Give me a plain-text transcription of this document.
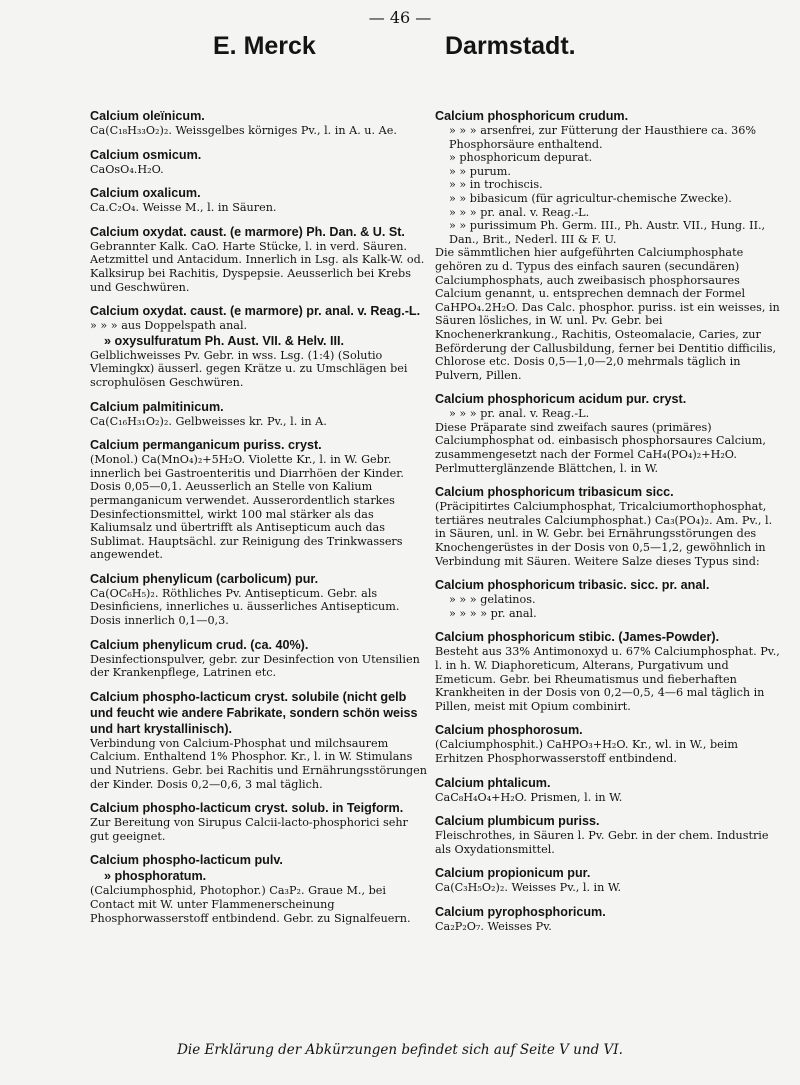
— 46 —
E. Merck	Darmstadt.
Calcium oleïnicum.
Ca(C₁₈H₃₃O₂)₂. Weissgelbes körniges Pv., l. in A. u. Ae.
Calcium osmicum.
CaOsO₄.H₂O.
Calcium oxalicum.
Ca.C₂O₄. Weisse M., l. in Säuren.
Calcium oxydat. caust. (e marmore) Ph. Dan. & U. St.
Gebrannter Kalk. CaO. Harte Stücke, l. in verd. Säuren. Aetzmittel und Antacidum. Innerlich in Lsg. als Kalk-W. od. Kalksirup bei Rachitis, Dyspepsie. Aeusserlich bei Krebs und Geschwüren.
Calcium oxydat. caust. (e marmore) pr. anal. v. Reag.-L.
» » » aus Doppelspath anal.
» oxysulfuratum Ph. Aust. VII. & Helv. III.
Gelblichweisses Pv. Gebr. in wss. Lsg. (1:4) (Solutio Vlemingkx) äusserl. gegen Krätze u. zu Umschlägen bei scrophulösen Geschwüren.
Calcium palmitinicum.
Ca(C₁₆H₃₁O₂)₂. Gelbweisses kr. Pv., l. in A.
Calcium permanganicum puriss. cryst.
(Monol.) Ca(MnO₄)₂+5H₂O. Violette Kr., l. in W. Gebr. innerlich bei Gastroenteritis und Diarrhöen der Kinder. Dosis 0,05—0,1. Aeusserlich an Stelle von Kalium permanganicum verwendet. Ausserordentlich starkes Desinfectionsmittel, wirkt 100 mal stärker als das Kaliumsalz und übertrifft als Antisepticum auch das Sublimat. Hauptsächl. zur Reinigung des Trinkwassers angewendet.
Calcium phenylicum (carbolicum) pur.
Ca(OC₆H₅)₂. Röthliches Pv. Antisepticum. Gebr. als Desinficiens, innerliches u. äusserliches Antisepticum. Dosis innerlich 0,1—0,3.
Calcium phenylicum crud. (ca. 40%).
Desinfectionspulver, gebr. zur Desinfection von Utensilien der Krankenpflege, Latrinen etc.
Calcium phospho-lacticum cryst. solubile (nicht gelb und feucht wie andere Fabrikate, sondern schön weiss und hart krystallinisch).
Verbindung von Calcium-Phosphat und milchsaurem Calcium. Enthaltend 1% Phosphor. Kr., l. in W. Stimulans und Nutriens. Gebr. bei Rachitis und Ernährungsstörungen der Kinder. Dosis 0,2—0,6, 3 mal täglich.
Calcium phospho-lacticum cryst. solub. in Teigform.
Zur Bereitung von Sirupus Calcii-lacto-phosphorici sehr gut geeignet.
Calcium phospho-lacticum pulv.
» phosphoratum.
(Calciumphosphid, Photophor.) Ca₃P₂. Graue M., bei Contact mit W. unter Flammenerscheinung Phosphorwasserstoff entbindend. Gebr. zu Signalfeuern.
Calcium phosphoricum crudum.
» » » arsenfrei, zur Fütterung der Hausthiere ca. 36% Phosphorsäure enthaltend.
» phosphoricum depurat.
» » purum.
» » in trochiscis.
» » bibasicum (für agricultur-chemische Zwecke).
» » » pr. anal. v. Reag.-L.
» » purissimum Ph. Germ. III., Ph. Austr. VII., Hung. II., Dan., Brit., Nederl. III & F. U.
Die sämmtlichen hier aufgeführten Calciumphosphate gehören zu d. Typus des einfach sauren (secundären) Calciumphosphats, auch zweibasisch phosphorsaures Calcium genannt, u. entsprechen demnach der Formel CaHPO₄.2H₂O. Das Calc. phosphor. puriss. ist ein weisses, in Säuren lösliches, in W. unl. Pv. Gebr. bei Knochenerkrankung., Rachitis, Osteomalacie, Caries, zur Beförderung der Callusbildung, ferner bei Dentitio difficilis, Chlorose etc. Dosis 0,5—1,0—2,0 mehrmals täglich in Pulvern, Pillen.
Calcium phosphoricum acidum pur. cryst.
» » » pr. anal. v. Reag.-L.
Diese Präparate sind zweifach saures (primäres) Calciumphosphat od. einbasisch phosphorsaures Calcium, zusammengesetzt nach der Formel CaH₄(PO₄)₂+H₂O. Perlmutterglänzende Blättchen, l. in W.
Calcium phosphoricum tribasicum sicc.
(Präcipitirtes Calciumphosphat, Tricalciumorthophosphat, tertiäres neutrales Calciumphosphat.) Ca₃(PO₄)₂. Am. Pv., l. in Säuren, unl. in W. Gebr. bei Ernährungsstörungen des Knochengerüstes in der Dosis von 0,5—1,2, gewöhnlich in Verbindung mit Säuren. Weitere Salze dieses Typus sind:
Calcium phosphoricum tribasic. sicc. pr. anal.
» » » gelatinos.
» » » » pr. anal.
Calcium phosphoricum stibic. (James-Powder).
Besteht aus 33% Antimonoxyd u. 67% Calciumphosphat. Pv., l. in h. W. Diaphoreticum, Alterans, Purgativum und Emeticum. Gebr. bei Rheumatismus und fieberhaften Krankheiten in der Dosis von 0,2—0,5, 4—6 mal täglich in Pillen, meist mit Opium combinirt.
Calcium phosphorosum.
(Calciumphosphit.) CaHPO₃+H₂O. Kr., wl. in W., beim Erhitzen Phosphorwasserstoff entbindend.
Calcium phtalicum.
CaC₈H₄O₄+H₂O. Prismen, l. in W.
Calcium plumbicum puriss.
Fleischrothes, in Säuren l. Pv. Gebr. in der chem. Industrie als Oxydationsmittel.
Calcium propionicum pur.
Ca(C₃H₅O₂)₂. Weisses Pv., l. in W.
Calcium pyrophosphoricum.
Ca₂P₂O₇. Weisses Pv.
Die Erklärung der Abkürzungen befindet sich auf Seite V und VI.
